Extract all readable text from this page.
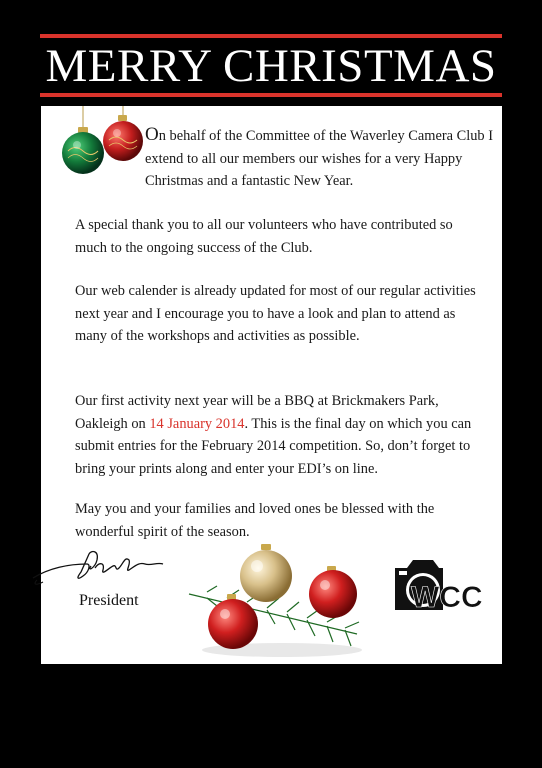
MERRY CHRISTMAS

On behalf of the Committee of the Waverley Camera Club I extend to all our members our wishes for a very Happy Christmas and a fantastic New Year.

A special thank you to all our volunteers who have contributed so much to the ongoing success of the Club.

Our web calender is already updated for most of our regular activities next year and I encourage you to have a look and plan to attend as many of the workshops and activities as possible.

Our first activity next year will be a BBQ at Brickmakers Park, Oakleigh on 14 January 2014. This is the final day on which you can submit entries for the February 2014 competition. So, don’t forget to bring your prints along and enter your EDI’s on line.

May you and your families and loved ones be blessed with the wonderful spirit of the season.

President	WCC
